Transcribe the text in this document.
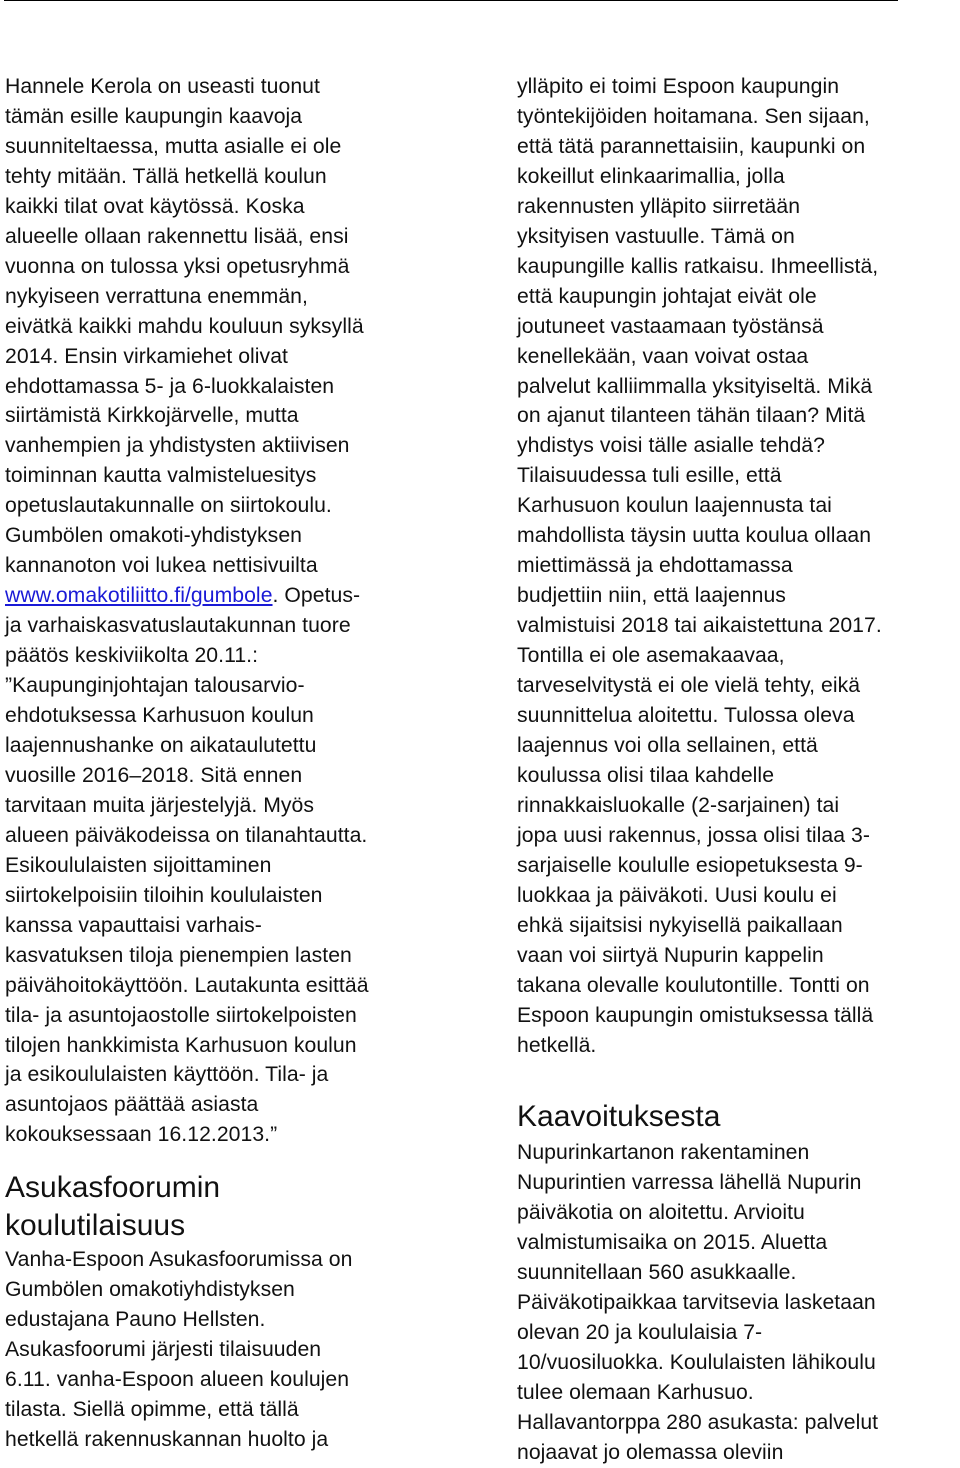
Hannele Kerola on useasti tuonut
tämän esille kaupungin kaavoja
suunniteltaessa, mutta asialle ei ole
tehty mitään. Tällä hetkellä koulun
kaikki tilat ovat käytössä. Koska
alueelle ollaan rakennettu lisää, ensi
vuonna on tulossa yksi opetusryhmä
nykyiseen verrattuna enemmän,
eivätkä kaikki mahdu kouluun syksyllä
2014. Ensin virkamiehet olivat
ehdottamassa 5- ja 6-luokkalaisten
siirtämistä Kirkkojärvelle, mutta
vanhempien ja yhdistysten aktiivisen
toiminnan kautta valmisteluesitys
opetuslautakunnalle on siirtokoulu.
Gumbölen omakoti-yhdistyksen
kannanoton voi lukea nettisivuilta
www.omakotiliitto.fi/gumbole. Opetus-
ja varhaiskasvatuslautakunnan tuore
päätös keskiviikolta 20.11.:
”Kaupunginjohtajan talousarvio-
ehdotuksessa Karhusuon koulun
laajennushanke on aikataulutettu
vuosille 2016–2018. Sitä ennen
tarvitaan muita järjestelyjä. Myös
alueen päiväkodeissa on tilanahtautta.
Esikoululaisten sijoittaminen
siirtokelpoisiin tiloihin koululaisten
kanssa vapauttaisi varhais-
kasvatuksen tiloja pienempien lasten
päivähoitokäyttöön. Lautakunta esittää
tila- ja asuntojaostolle siirtokelpoisten
tilojen hankkimista Karhusuon koulun
ja esikoululaisten käyttöön. Tila- ja
asuntojaos päättää asiasta
kokouksessaan 16.12.2013.”

Asukasfoorumin
koulutilaisuus

Vanha-Espoon Asukasfoorumissa on
Gumbölen omakotiyhdistyksen
edustajana Pauno Hellsten.
Asukasfoorumi järjesti tilaisuuden
6.11. vanha-Espoon alueen koulujen
tilasta. Siellä opimme, että tällä
hetkellä rakennuskannan huolto ja

ylläpito ei toimi Espoon kaupungin
työntekijöiden hoitamana. Sen sijaan,
että tätä parannettaisiin, kaupunki on
kokeillut elinkaarimallia, jolla
rakennusten ylläpito siirretään
yksityisen vastuulle. Tämä on
kaupungille kallis ratkaisu. Ihmeellistä,
että kaupungin johtajat eivät ole
joutuneet vastaamaan työstänsä
kenellekään, vaan voivat ostaa
palvelut kalliimmalla yksityiseltä. Mikä
on ajanut tilanteen tähän tilaan? Mitä
yhdistys voisi tälle asialle tehdä?
Tilaisuudessa tuli esille, että
Karhusuon koulun laajennusta tai
mahdollista täysin uutta koulua ollaan
miettimässä ja ehdottamassa
budjettiin niin, että laajennus
valmistuisi 2018 tai aikaistettuna 2017.
Tontilla ei ole asemakaavaa,
tarveselvitystä ei ole vielä tehty, eikä
suunnittelua aloitettu. Tulossa oleva
laajennus voi olla sellainen, että
koulussa olisi tilaa kahdelle
rinnakkaisluokalle (2-sarjainen) tai
jopa uusi rakennus, jossa olisi tilaa 3-
sarjaiselle koululle esiopetuksesta 9-
luokkaa ja päiväkoti. Uusi koulu ei
ehkä sijaitsisi nykyisellä paikallaan
vaan voi siirtyä Nupurin kappelin
takana olevalle koulutontille. Tontti on
Espoon kaupungin omistuksessa tällä
hetkellä.

Kaavoituksesta

Nupurinkartanon rakentaminen
Nupurintien varressa lähellä Nupurin
päiväkotia on aloitettu. Arvioitu
valmistumisaika on 2015. Aluetta
suunnitellaan 560 asukkaalle.
Päiväkotipaikkaa tarvitsevia lasketaan
olevan 20 ja koululaisia 7-
10/vuosiluokka. Koululaisten lähikoulu
tulee olemaan Karhusuo.
Hallavantorppa 280 asukasta: palvelut
nojaavat jo olemassa oleviin
